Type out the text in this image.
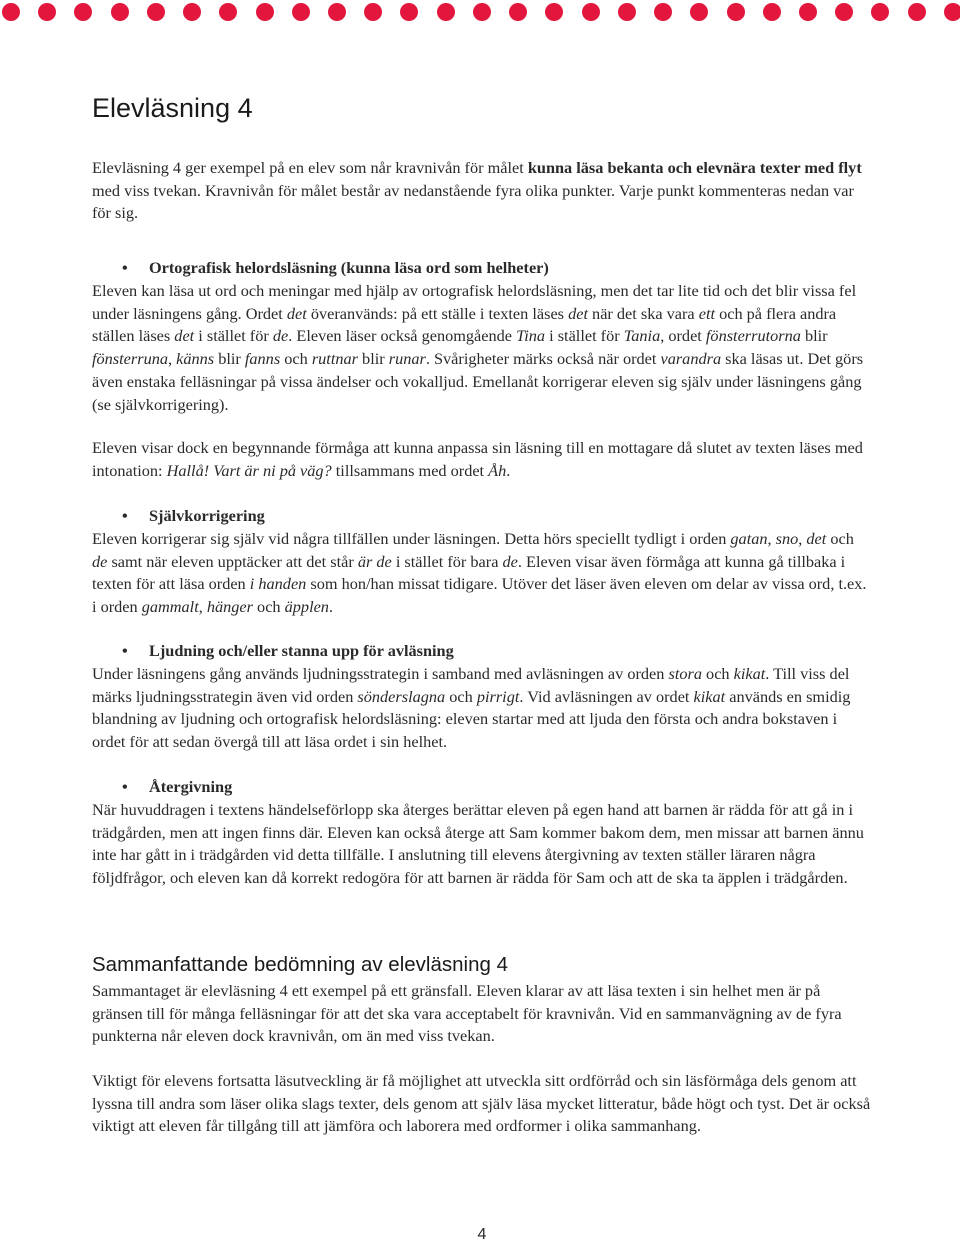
Elevläsning 4

Elevläsning 4 ger exempel på en elev som når kravnivån för målet kunna läsa bekanta och elevnära texter med flyt med viss tvekan. Kravnivån för målet består av nedanstående fyra olika punkter. Varje punkt kommenteras nedan var för sig.

• Ortografisk helordsläsning (kunna läsa ord som helheter)

Eleven kan läsa ut ord och meningar med hjälp av ortografisk helordsläsning, men det tar lite tid och det blir vissa fel under läsningens gång. Ordet det överanvänds: på ett ställe i texten läses det när det ska vara ett och på flera andra ställen läses det i stället för de. Eleven läser också genomgående Tina i stället för Tania, ordet fönsterrutorna blir fönsterruna, känns blir fanns och ruttnar blir runar. Svårigheter märks också när ordet varandra ska läsas ut. Det görs även enstaka felläsningar på vissa ändelser och vokalljud. Emellanåt korrigerar eleven sig själv under läsningens gång (se självkorrigering).

Eleven visar dock en begynnande förmåga att kunna anpassa sin läsning till en mottagare då slutet av texten läses med intonation: Hallå! Vart är ni på väg? tillsammans med ordet Åh.

• Självkorrigering

Eleven korrigerar sig själv vid några tillfällen under läsningen. Detta hörs speciellt tydligt i orden gatan, sno, det och de samt när eleven upptäcker att det står är de i stället för bara de. Eleven visar även förmåga att kunna gå tillbaka i texten för att läsa orden i handen som hon/han missat tidigare. Utöver det läser även eleven om delar av vissa ord, t.ex. i orden gammalt, hänger och äpplen.

• Ljudning och/eller stanna upp för avläsning

Under läsningens gång används ljudningsstrategin i samband med avläsningen av orden stora och kikat. Till viss del märks ljudningsstrategin även vid orden sönderslagna och pirrigt. Vid avläsningen av ordet kikat används en smidig blandning av ljudning och ortografisk helordsläsning: eleven startar med att ljuda den första och andra bokstaven i ordet för att sedan övergå till att läsa ordet i sin helhet.

• Återgivning

När huvuddragen i textens händelseförlopp ska återges berättar eleven på egen hand att barnen är rädda för att gå in i trädgården, men att ingen finns där. Eleven kan också återge att Sam kommer bakom dem, men missar att barnen ännu inte har gått in i trädgården vid detta tillfälle. I anslutning till elevens återgivning av texten ställer läraren några följdfrågor, och eleven kan då korrekt redogöra för att barnen är rädda för Sam och att de ska ta äpplen i trädgården.

Sammanfattande bedömning av elevläsning 4

Sammantaget är elevläsning 4 ett exempel på ett gränsfall. Eleven klarar av att läsa texten i sin helhet men är på gränsen till för många felläsningar för att det ska vara acceptabelt för kravnivån. Vid en sammanvägning av de fyra punkterna når eleven dock kravnivån, om än med viss tvekan.

Viktigt för elevens fortsatta läsutveckling är få möjlighet att utveckla sitt ordförråd och sin läsförmåga dels genom att lyssna till andra som läser olika slags texter, dels genom att själv läsa mycket litteratur, både högt och tyst. Det är också viktigt att eleven får tillgång till att jämföra och laborera med ordformer i olika sammanhang.

4
